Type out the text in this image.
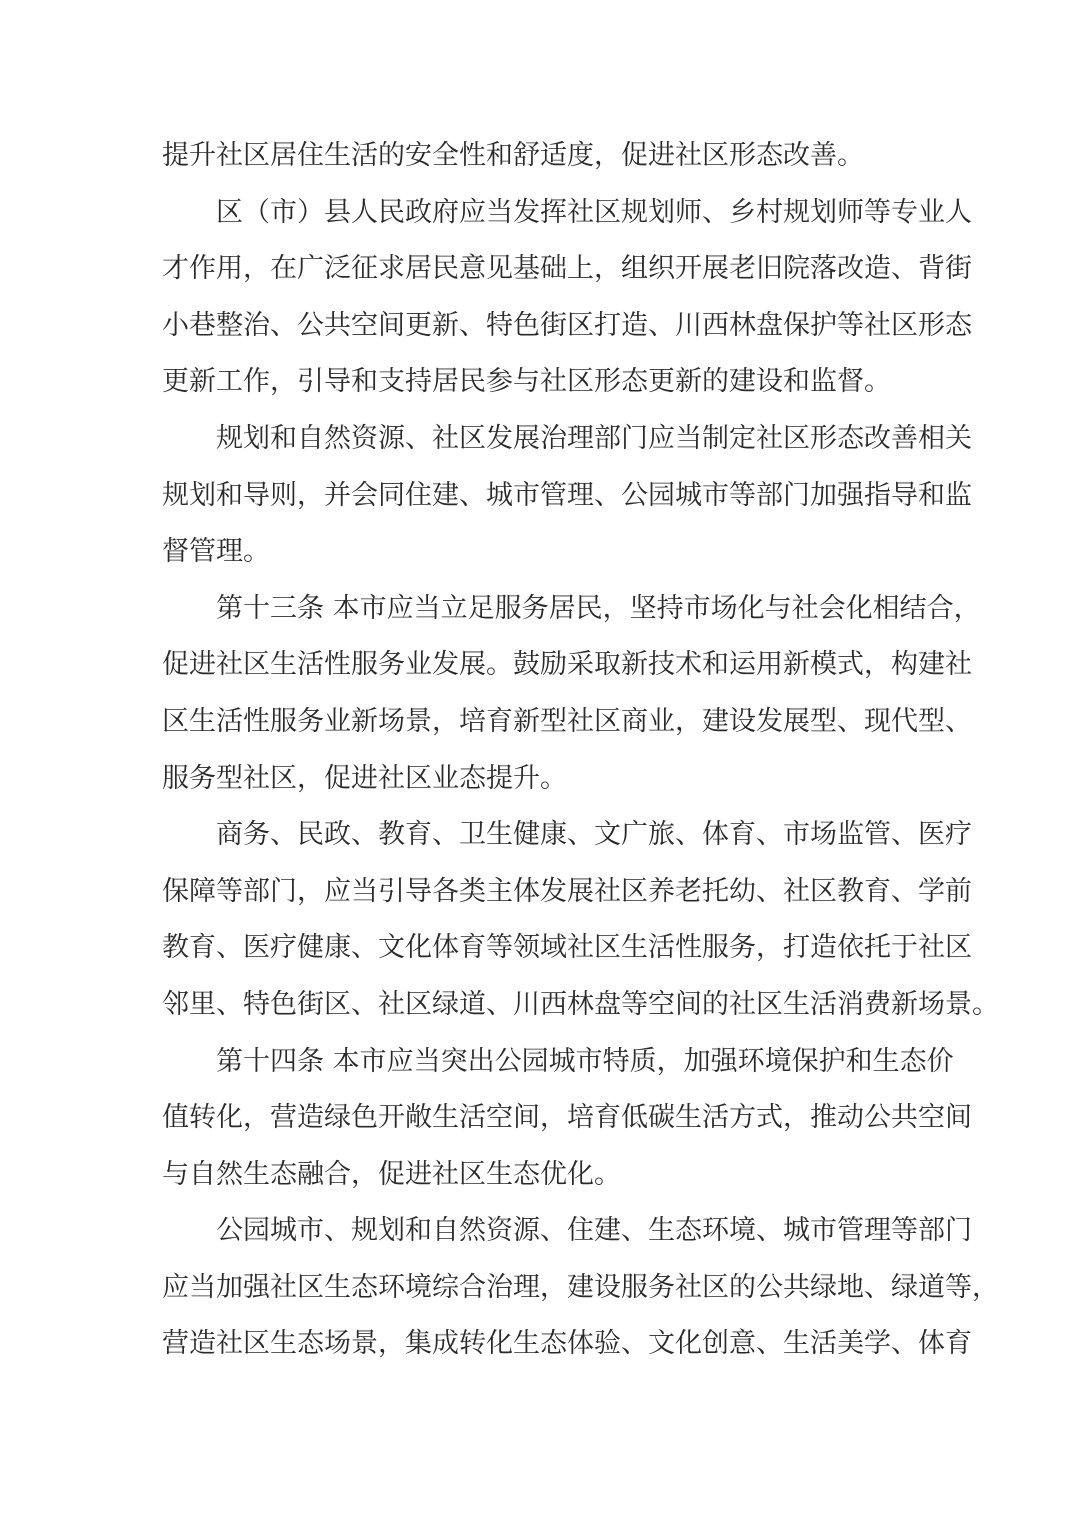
提升社区居住生活的安全性和舒适度，促进社区形态改善。
区（市）县人民政府应当发挥社区规划师、乡村规划师等专业人
才作用，在广泛征求居民意见基础上，组织开展老旧院落改造、背街
小巷整治、公共空间更新、特色街区打造、川西林盘保护等社区形态
更新工作，引导和支持居民参与社区形态更新的建设和监督。
规划和自然资源、社区发展治理部门应当制定社区形态改善相关
规划和导则，并会同住建、城市管理、公园城市等部门加强指导和监
督管理。
第十三条 本市应当立足服务居民，坚持市场化与社会化相结合，
促进社区生活性服务业发展。鼓励采取新技术和运用新模式，构建社
区生活性服务业新场景，培育新型社区商业，建设发展型、现代型、
服务型社区，促进社区业态提升。
商务、民政、教育、卫生健康、文广旅、体育、市场监管、医疗
保障等部门，应当引导各类主体发展社区养老托幼、社区教育、学前
教育、医疗健康、文化体育等领域社区生活性服务，打造依托于社区
邻里、特色街区、社区绿道、川西林盘等空间的社区生活消费新场景。
第十四条 本市应当突出公园城市特质，加强环境保护和生态价
值转化，营造绿色开敞生活空间，培育低碳生活方式，推动公共空间
与自然生态融合，促进社区生态优化。
公园城市、规划和自然资源、住建、生态环境、城市管理等部门
应当加强社区生态环境综合治理，建设服务社区的公共绿地、绿道等，
营造社区生态场景，集成转化生态体验、文化创意、生活美学、体育
